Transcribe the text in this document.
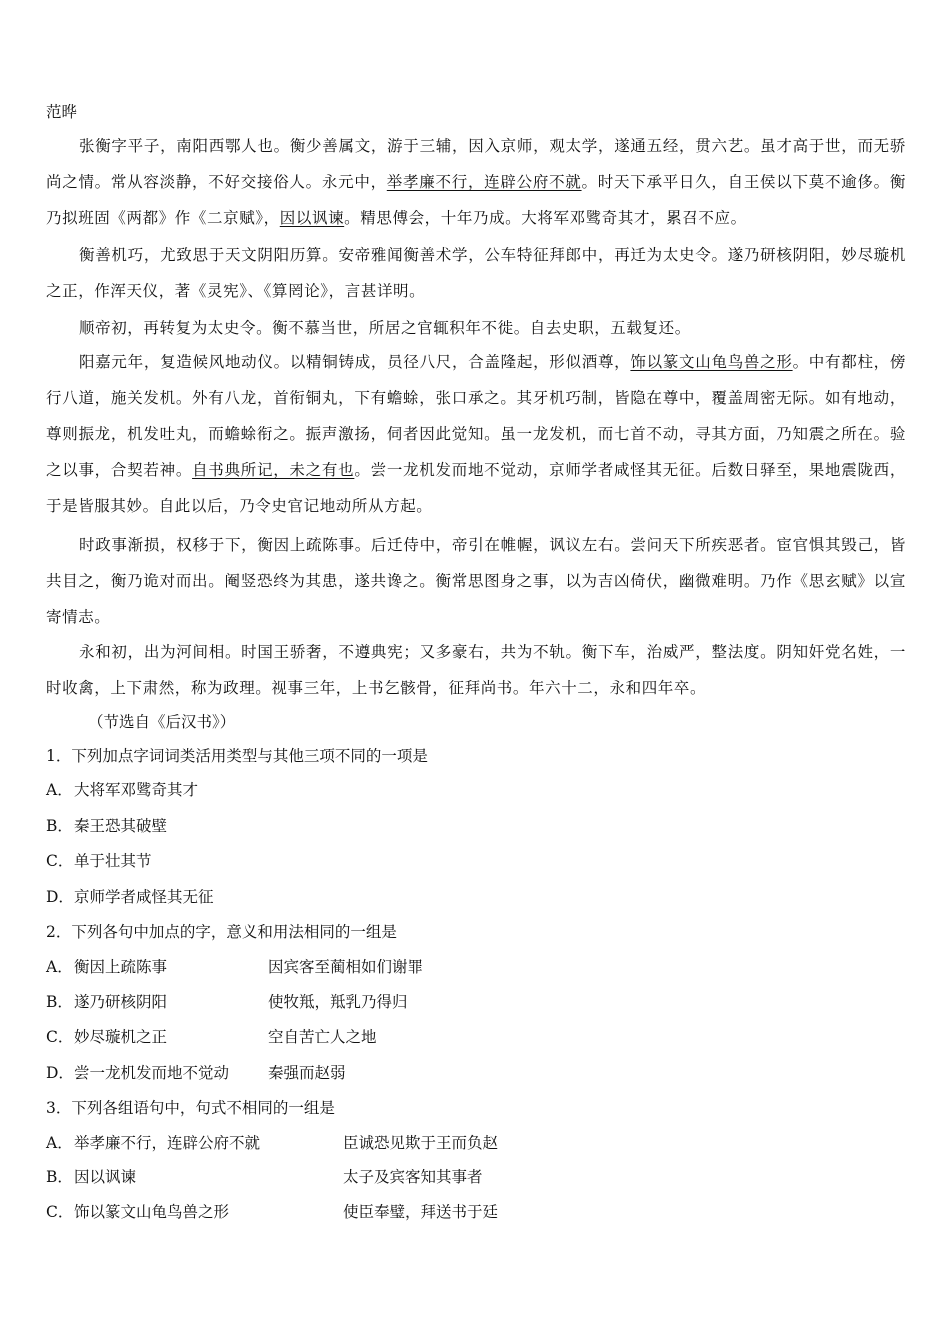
范晔
张衡字平子，南阳西鄂人也。衡少善属文，游于三辅，因入京师，观太学，遂通五经，贯六艺。虽才高于世，而无骄尚之情。常从容淡静，不好交接俗人。永元中，举孝廉不行，连辟公府不就。时天下承平日久，自王侯以下莫不逾侈。衡乃拟班固《两都》作《二京赋》，因以讽谏。精思傅会，十年乃成。大将军邓骘奇其才，累召不应。
衡善机巧，尤致思于天文阴阳历算。安帝雅闻衡善术学，公车特征拜郎中，再迁为太史令。遂乃研核阴阳，妙尽璇机之正，作浑天仪，著《灵宪》、《算罔论》，言甚详明。
顺帝初，再转复为太史令。衡不慕当世，所居之官辄积年不徙。自去史职，五载复还。
阳嘉元年，复造候风地动仪。以精铜铸成，员径八尺，合盖隆起，形似酒尊，饰以篆文山龟鸟兽之形。中有都柱，傍行八道，施关发机。外有八龙，首衔铜丸，下有蟾蜍，张口承之。其牙机巧制，皆隐在尊中，覆盖周密无际。如有地动，尊则振龙，机发吐丸，而蟾蜍衔之。振声激扬，伺者因此觉知。虽一龙发机，而七首不动，寻其方面，乃知震之所在。验之以事，合契若神。自书典所记，未之有也。尝一龙机发而地不觉动，京师学者咸怪其无征。后数日驿至，果地震陇西，于是皆服其妙。自此以后，乃令史官记地动所从方起。
时政事渐损，权移于下，衡因上疏陈事。后迁侍中，帝引在帷幄，讽议左右。尝问天下所疾恶者。宦官惧其毁己，皆共目之，衡乃诡对而出。阉竖恐终为其患，遂共谗之。衡常思图身之事，以为吉凶倚伏，幽微难明。乃作《思玄赋》以宣寄情志。
永和初，出为河间相。时国王骄奢，不遵典宪；又多豪右，共为不轨。衡下车，治威严，整法度。阴知奸党名姓，一时收禽，上下肃然，称为政理。视事三年，上书乞骸骨，征拜尚书。年六十二，永和四年卒。
（节选自《后汉书》）
1．下列加点字词词类活用类型与其他三项不同的一项是
A．大将军邓骘奇其才
B．秦王恐其破壁
C．单于壮其节
D．京师学者咸怪其无征
2．下列各句中加点的字，意义和用法相同的一组是
A．衡因上疏陈事	因宾客至蔺相如们谢罪
B．遂乃研核阴阳	使牧羝，羝乳乃得归
C．妙尽璇机之正	空自苦亡人之地
D．尝一龙机发而地不觉动	秦强而赵弱
3．下列各组语句中，句式不相同的一组是
A．举孝廉不行，连辟公府不就	臣诚恐见欺于王而负赵
B．因以讽谏	太子及宾客知其事者
C．饰以篆文山龟鸟兽之形	使臣奉璧，拜送书于廷
